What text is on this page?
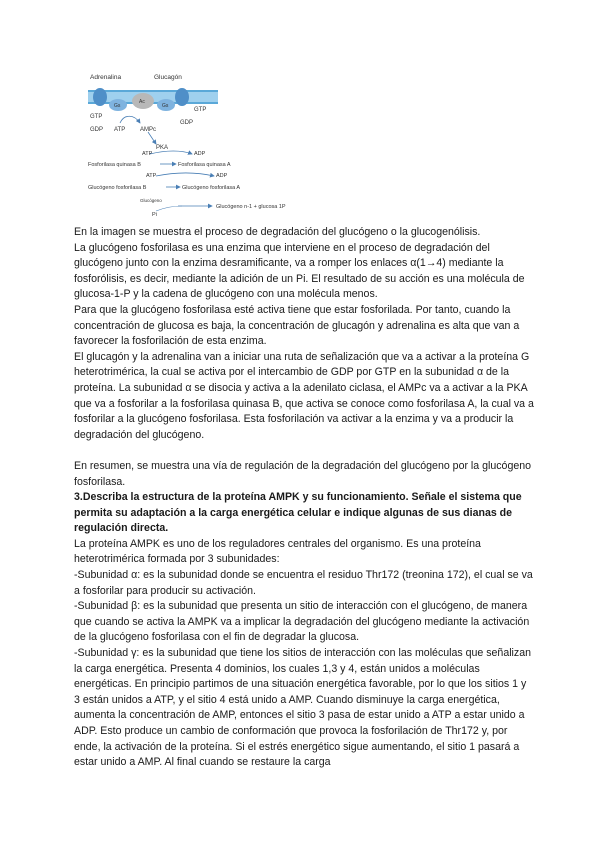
Adrenalina	Glucagón
Gs
Ac
Gs
GTP
GTP
GDP
GDP ATP AMPc
PKA
ATP	ADP
Fosforilasa quinasa B	Fosforilasa quinasa A
ATP	ADP
Glucógeno fosforilasa B	Glucógeno fosforilasa A
Glucógeno
Pi
Glucógeno n-1 + glucosa 1P

En la imagen se muestra el proceso de degradación del glucógeno o la glucogenólisis.

La glucógeno fosforilasa es una enzima que interviene en el proceso de degradación del glucógeno junto con la enzima desramificante, va a romper los enlaces α(1→4) mediante la fosforólisis, es decir, mediante la adición de un Pi. El resultado de su acción es una molécula de glucosa-1-P y la cadena de glucógeno con una molécula menos.

Para que la glucógeno fosforilasa esté activa tiene que estar fosforilada. Por tanto, cuando la concentración de glucosa es baja, la concentración de glucagón y adrenalina es alta que van a favorecer la fosforilación de esta enzima.

El glucagón y la adrenalina van a iniciar una ruta de señalización que va a activar a la proteína G heterotrimérica, la cual se activa por el intercambio de GDP por GTP en la subunidad α de la proteína. La subunidad α se disocia y activa a la adenilato ciclasa, el AMPc va a activar a la PKA que va a fosforilar a la fosforilasa quinasa B, que activa se conoce como fosforilasa A, la cual va a fosforilar a la glucógeno fosforilasa. Esta fosforilación va activar a la enzima y va a producir la degradación del glucógeno.

En resumen, se muestra una vía de regulación de la degradación del glucógeno por la glucógeno fosforilasa.

3.Describa la estructura de la proteína AMPK y su funcionamiento. Señale el sistema que permita su adaptación a la carga energética celular e indique algunas de sus dianas de regulación directa.

La proteína AMPK es uno de los reguladores centrales del organismo. Es una proteína heterotrimérica formada por 3 subunidades:

-Subunidad α: es la subunidad donde se encuentra el residuo Thr172 (treonina 172), el cual se va a fosforilar para producir su activación.

-Subunidad β: es la subunidad que presenta un sitio de interacción con el glucógeno, de manera que cuando se activa la AMPK va a implicar la degradación del glucógeno mediante la activación de la glucógeno fosforilasa con el fin de degradar la glucosa.

-Subunidad γ: es la subunidad que tiene los sitios de interacción con las moléculas que señalizan la carga energética. Presenta 4 dominios, los cuales 1,3 y 4, están unidos a moléculas energéticas. En principio partimos de una situación energética favorable, por lo que los sitios 1 y 3 están unidos a ATP, y el sitio 4 está unido a AMP. Cuando disminuye la carga energética, aumenta la concentración de AMP, entonces el sitio 3 pasa de estar unido a ATP a estar unido a ADP. Esto produce un cambio de conformación que provoca la fosforilación de Thr172 y, por ende, la activación de la proteína. Si el estrés energético sigue aumentando, el sitio 1 pasará a estar unido a AMP. Al final cuando se restaure la carga
